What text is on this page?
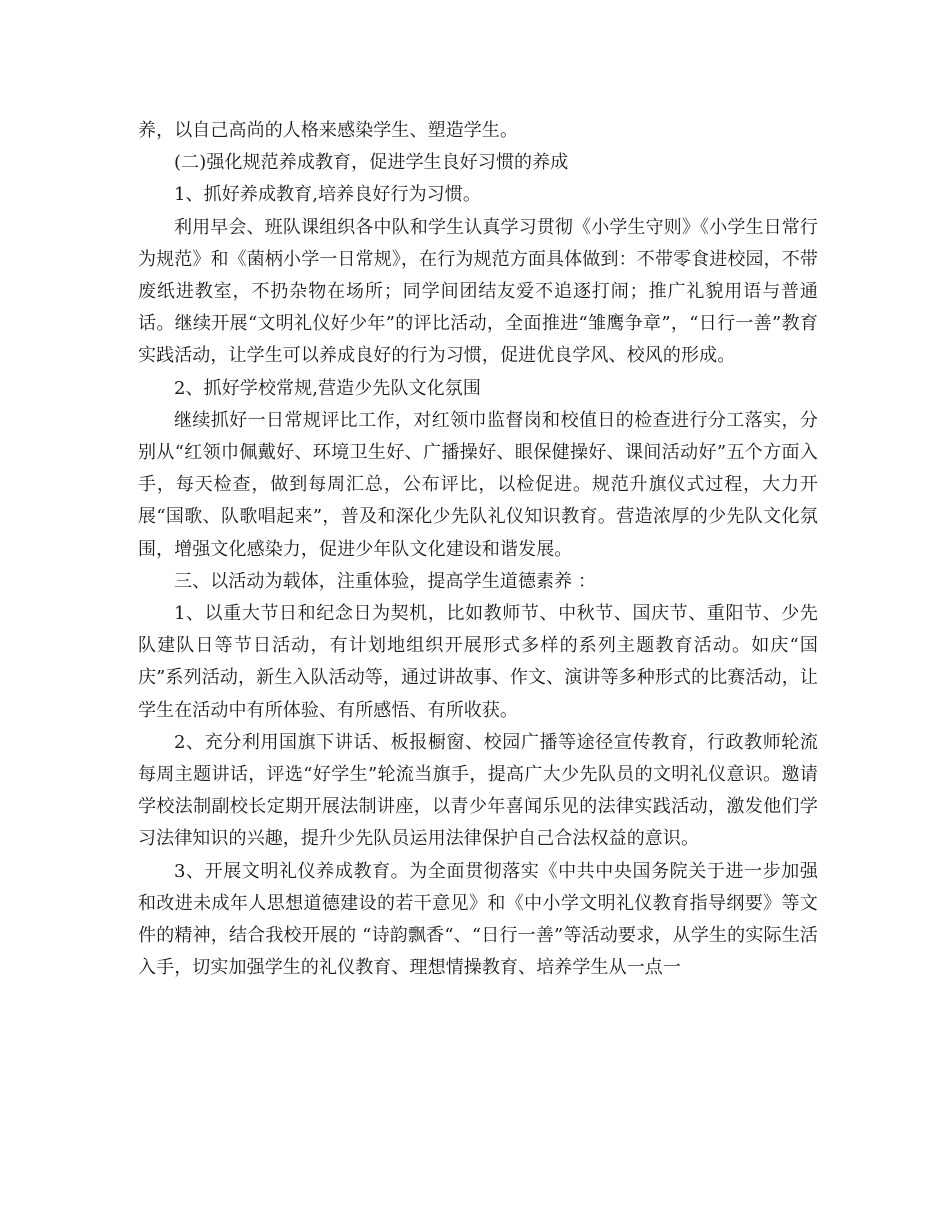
养，以自己高尚的人格来感染学生、塑造学生。

(二)强化规范养成教育，促进学生良好习惯的养成

1、抓好养成教育,培养良好行为习惯。

利用早会、班队课组织各中队和学生认真学习贯彻《小学生守则》《小学生日常行为规范》和《菌柄小学一日常规》，在行为规范方面具体做到：不带零食进校园，不带废纸进教室，不扔杂物在场所；同学间团结友爱不追逐打闹；推广礼貌用语与普通话。继续开展“文明礼仪好少年”的评比活动，全面推进“雏鹰争章”，“日行一善”教育实践活动，让学生可以养成良好的行为习惯，促进优良学风、校风的形成。

2、抓好学校常规,营造少先队文化氛围

继续抓好一日常规评比工作，对红领巾监督岗和校值日的检查进行分工落实，分别从“红领巾佩戴好、环境卫生好、广播操好、眼保健操好、课间活动好”五个方面入手，每天检查，做到每周汇总，公布评比，以检促进。规范升旗仪式过程，大力开展“国歌、队歌唱起来”，普及和深化少先队礼仪知识教育。营造浓厚的少先队文化氛围，增强文化感染力，促进少年队文化建设和谐发展。

三、以活动为载体，注重体验，提高学生道德素养 ：

1、以重大节日和纪念日为契机，比如教师节、中秋节、国庆节、重阳节、少先队建队日等节日活动，有计划地组织开展形式多样的系列主题教育活动。如庆“国庆”系列活动，新生入队活动等，通过讲故事、作文、演讲等多种形式的比赛活动，让学生在活动中有所体验、有所感悟、有所收获。

2、充分利用国旗下讲话、板报橱窗、校园广播等途径宣传教育，行政教师轮流每周主题讲话，评选“好学生”轮流当旗手，提高广大少先队员的文明礼仪意识。邀请学校法制副校长定期开展法制讲座，以青少年喜闻乐见的法律实践活动，激发他们学习法律知识的兴趣，提升少先队员运用法律保护自己合法权益的意识。

3、开展文明礼仪养成教育。为全面贯彻落实《中共中央国务院关于进一步加强和改进未成年人思想道德建设的若干意见》和《中小学文明礼仪教育指导纲要》等文件的精神，结合我校开展的 “诗韵飘香“、“日行一善”等活动要求，从学生的实际生活入手，切实加强学生的礼仪教育、理想情操教育、培养学生从一点一
